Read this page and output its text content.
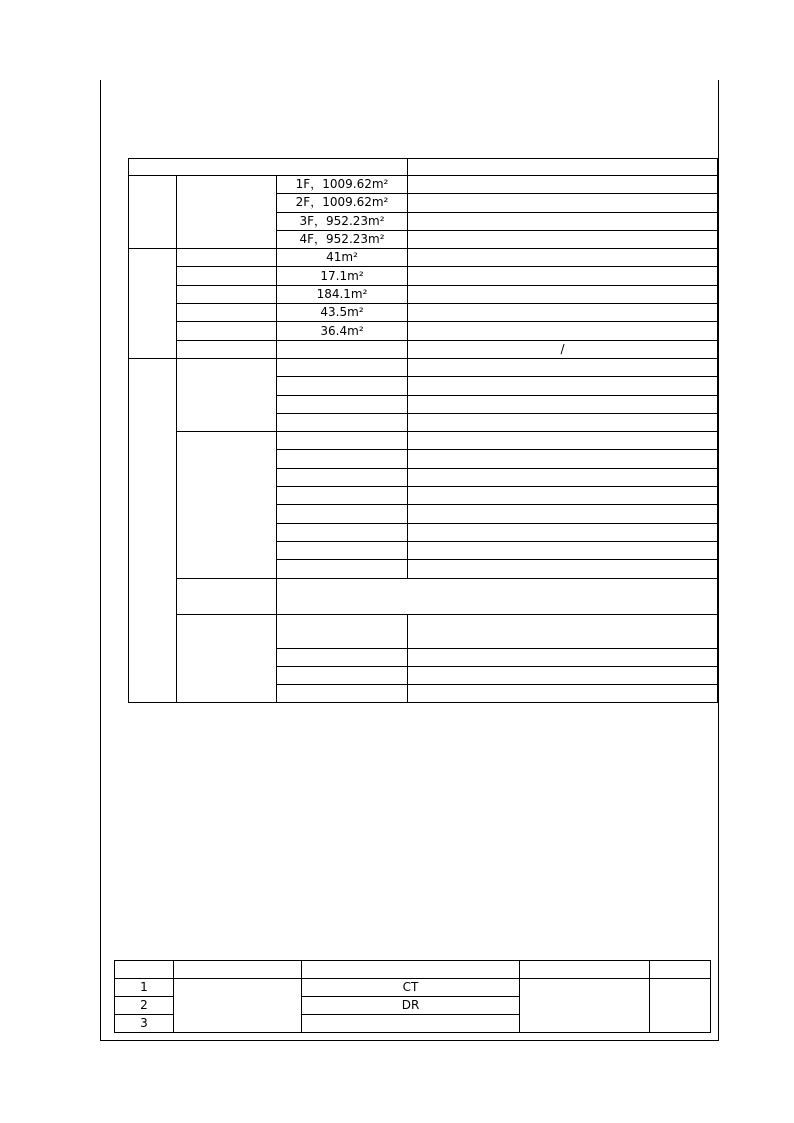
		1F，1009.62m²	
		2F，1009.62m²	
		3F，952.23m²	
		4F，952.23m²	
		41m²	
		17.1m²	
		184.1m²	
		43.5m²	
		36.4m²	
			/

1		CT		
2		DR		
3				
